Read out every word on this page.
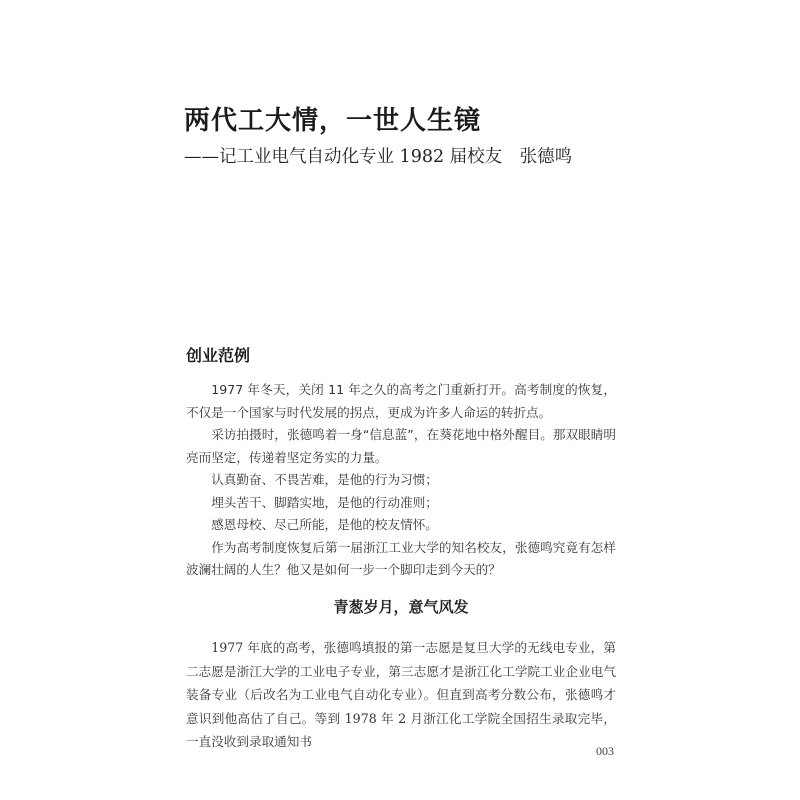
两代工大情，一世人生镜
——记工业电气自动化专业 1982 届校友　张德鸣
创业范例

1977 年冬天，关闭 11 年之久的高考之门重新打开。高考制度的恢复，不仅是一个国家与时代发展的拐点，更成为许多人命运的转折点。

采访拍摄时，张德鸣着一身“信息蓝”，在葵花地中格外醒目。那双眼睛明亮而坚定，传递着坚定务实的力量。

认真勤奋、不畏苦难，是他的行为习惯；

埋头苦干、脚踏实地，是他的行动准则；

感恩母校、尽己所能，是他的校友情怀。

作为高考制度恢复后第一届浙江工业大学的知名校友，张德鸣究竟有怎样波澜壮阔的人生？他又是如何一步一个脚印走到今天的？

青葱岁月，意气风发

1977 年底的高考，张德鸣填报的第一志愿是复旦大学的无线电专业，第二志愿是浙江大学的工业电子专业，第三志愿才是浙江化工学院工业企业电气装备专业（后改名为工业电气自动化专业）。但直到高考分数公布，张德鸣才意识到他高估了自己。等到 1978 年 2 月浙江化工学院全国招生录取完毕，一直没收到录取通知书

003
